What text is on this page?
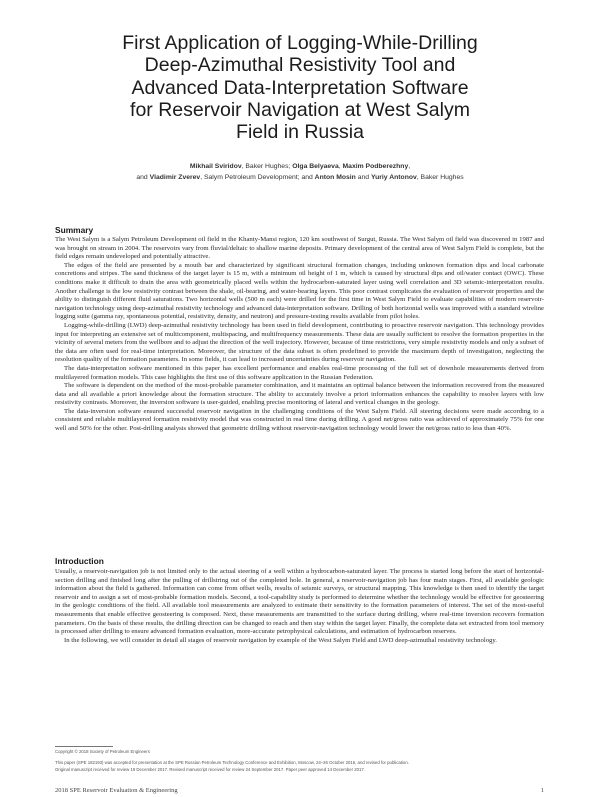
First Application of Logging-While-Drilling
Deep-Azimuthal Resistivity Tool and
Advanced Data-Interpretation Software
for Reservoir Navigation at West Salym
Field in Russia
Mikhail Sviridov, Baker Hughes; Olga Belyaeva, Maxim Podberezhny,
and Vladimir Zverev, Salym Petroleum Development; and Anton Mosin and Yuriy Antonov, Baker Hughes
Summary

The West Salym is a Salym Petroleum Development oil field in the Khanty-Mansi region, 120 km southwest of Surgut, Russia. The West Salym oil field was discovered in 1987 and was brought on stream in 2004. The reservoirs vary from fluvial/deltaic to shallow marine deposits. Primary development of the central area of West Salym Field is complete, but the field edges remain undeveloped and potentially attractive.

The edges of the field are presented by a mouth bar and characterized by significant structural formation changes, including unknown formation dips and local carbonate concretions and stripes. The sand thickness of the target layer is 15 m, with a minimum oil height of 1 m, which is caused by structural dips and oil/water contact (OWC). These conditions make it difficult to drain the area with geometrically placed wells within the hydrocarbon-saturated layer using well correlation and 3D seismic-interpretation results. Another challenge is the low resistivity contrast between the shale, oil-bearing, and water-bearing layers. This poor contrast complicates the evaluation of reservoir properties and the ability to distinguish different fluid saturations. Two horizontal wells (500 m each) were drilled for the first time in West Salym Field to evaluate capabilities of modern reservoir-navigation technology using deep-azimuthal resistivity technology and advanced data-interpretation software. Drilling of both horizontal wells was improved with a standard wireline logging suite (gamma ray, spontaneous potential, resistivity, density, and neutron) and pressure-testing results available from pilot holes.

Logging-while-drilling (LWD) deep-azimuthal resistivity technology has been used in field development, contributing to proactive reservoir navigation. This technology provides input for interpreting an extensive set of multicomponent, multispacing, and multifrequency measurements. These data are usually sufficient to resolve the formation properties in the vicinity of several meters from the wellbore and to adjust the direction of the well trajectory. However, because of time restrictions, very simple resistivity models and only a subset of the data are often used for real-time interpretation. Moreover, the structure of the data subset is often predefined to provide the maximum depth of investigation, neglecting the resolution quality of the formation parameters. In some fields, it can lead to increased uncertainties during reservoir navigation.

The data-interpretation software mentioned in this paper has excellent performance and enables real-time processing of the full set of downhole measurements derived from multilayered formation models. This case highlights the first use of this software application in the Russian Federation.

The software is dependent on the method of the most-probable parameter combination, and it maintains an optimal balance between the information recovered from the measured data and all available a priori knowledge about the formation structure. The ability to accurately involve a priori information enhances the capability to resolve layers with low resistivity contrasts. Moreover, the inversion software is user-guided, enabling precise monitoring of lateral and vertical changes in the geology.

The data-inversion software ensured successful reservoir navigation in the challenging conditions of the West Salym Field. All steering decisions were made according to a consistent and reliable multilayered formation resistivity model that was constructed in real time during drilling. A good net/gross ratio was achieved of approximately 75% for one well and 50% for the other. Post-drilling analysis showed that geometric drilling without reservoir-navigation technology would lower the net/gross ratio to less than 40%.

Introduction

Usually, a reservoir-navigation job is not limited only to the actual steering of a well within a hydrocarbon-saturated layer. The process is started long before the start of horizontal-section drilling and finished long after the pulling of drillstring out of the completed hole. In general, a reservoir-navigation job has four main stages. First, all available geologic information about the field is gathered. Information can come from offset wells, results of seismic surveys, or structural mapping. This knowledge is then used to identify the target reservoir and to assign a set of most-probable formation models. Second, a tool-capability study is performed to determine whether the technology would be effective for geosteering in the geologic conditions of the field. All available tool measurements are analyzed to estimate their sensitivity to the formation parameters of interest. The set of the most-useful measurements that enable effective geosteering is composed. Next, these measurements are transmitted to the surface during drilling, where real-time inversion recovers formation parameters. On the basis of these results, the drilling direction can be changed to reach and then stay within the target layer. Finally, the complete data set extracted from tool memory is processed after drilling to ensure advanced formation evaluation, more-accurate petrophysical calculations, and estimation of hydrocarbon reserves.

In the following, we will consider in detail all stages of reservoir navigation by example of the West Salym Field and LWD deep-azimuthal resistivity technology.

Copyright © 2018 Society of Petroleum Engineers
This paper (SPE 182193) was accepted for presentation at the SPE Russian Petroleum Technology Conference and Exhibition, Moscow, 24–26 October 2016, and revised for publication.
Original manuscript received for review 19 December 2017. Revised manuscript received for review 24 September 2017. Paper peer approved 14 December 2017.
2018 SPE Reservoir Evaluation & Engineering	1
